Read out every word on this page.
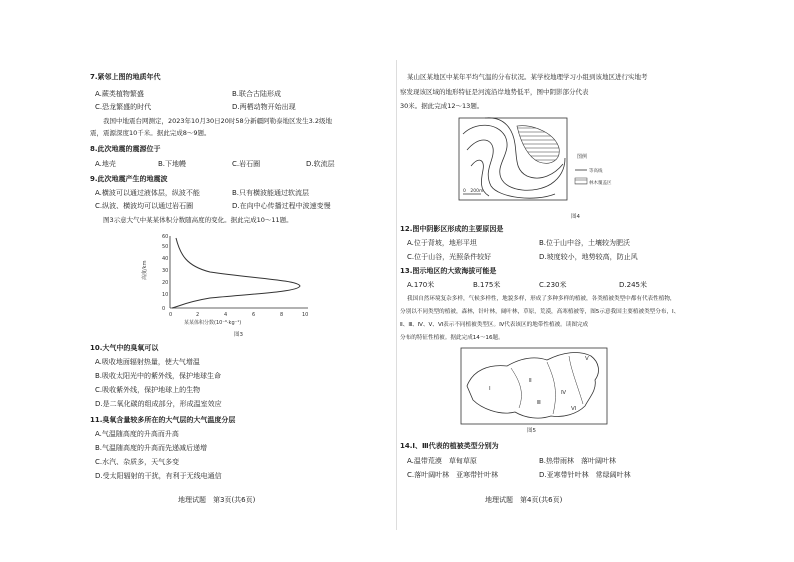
7.紧邻上图的地质年代
A.蕨类植物繁盛	B.联合古陆形成
C.恐龙繁盛的时代	D.两栖动物开始出现
我国中地震台网测定，2023年10月30日20时58分新疆阿勒泰地区发生3.2级地
震，震源深度10千米。据此完成8～9题。
8.此次地震的震源位于
A.地壳	B.下地幔	C.岩石圈	D.软流层
9.此次地震产生的地震波
A.横波可以通过液体层，纵波不能	B.只有横波能通过软流层
C.纵波、横波均可以通过岩石圈	D.在向中心传播过程中波速变慢
图3示意大气中某某体积分数随高度的变化。据此完成10～11题。
0
10
20
30
40
50
60
0	2	4	6	8	10
高度/km
某某体积分数(10⁻⁶·kg⁻¹)
图3
10.大气中的臭氧可以
A.吸收地面辐射热量，使大气增温
B.吸收太阳光中的紫外线，保护地球生命
C.吸收紫外线，保护地球上的生物
D.是二氧化碳的组成部分，形成温室效应
11.臭氧含量较多所在的大气层的大气温度分层
A.气温随高度的升高而升高
B.气温随高度的升高而先递减后递增
C.水汽、杂质多，天气多变
D.受太阳辐射的干扰，有利于无线电通信
地理试题　第3页(共6页)
某山区某地区中某年平均气温的分布状况。某学校地理学习小组到该地区进行实地考
察发现该区域的地形特征是河流沿岸地势低平，图中阴影部分代表
30米。据此完成12～13题。
0　200m
图例
等高线
林木覆盖区
图4
12.图中阴影区形成的主要原因是
A.位于背坡，地形平坦	B.位于山中谷，土壤较为肥沃
C.位于山谷，光照条件较好	D.坡度较小，地势较高，防止风
13.图示地区的大致海拔可能是
A.170米	B.175米	C.230米	D.245米
我国自然环境复杂多样，气候多样性，地貌多样，形成了多种多样的植被，各类植被类型中都有代表性植物，
分别以不同类型的植被，森林，针叶林，阔叶林，草原，荒漠，高寒植被等，图5示意我国主要植被类型分布，Ⅰ、
Ⅱ、Ⅲ、Ⅳ、Ⅴ、Ⅵ表示不同植被类型区。Ⅳ代表该区的地带性植被。读图完成
分布的特征性植被。据此完成14～16题。
Ⅰ
Ⅱ
Ⅲ
Ⅳ
Ⅴ
Ⅵ
图5
14.Ⅰ、Ⅲ代表的植被类型分别为
A.温带荒漠　草甸草原	B.热带雨林　落叶阔叶林
C.落叶阔叶林　亚寒带针叶林	D.亚寒带针叶林　常绿阔叶林
地理试题　第4页(共6页)
